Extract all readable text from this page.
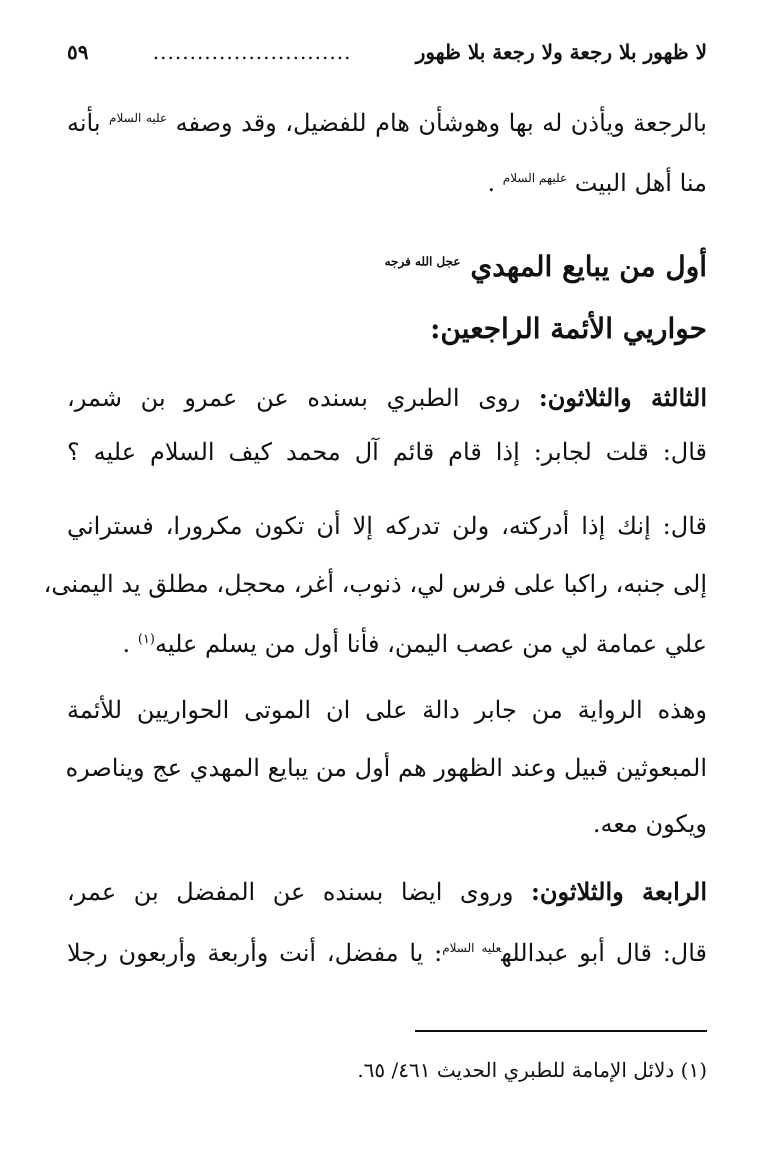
لا ظهور بلا رجعة ولا رجعة بلا ظهور
...........................
٥٩
بالرجعة ويأذن له بها وهوشأن هام للفضيل، وقد وصفه $^{عليه السلام}$ بأنه
منا أهل البيت $^{عليهم السلام}$ .
أول من يبايع المهدي $^{عجل الله فرجه}$
حواريي الأئمة الراجعين:
الثالثة والثلاثون: روى الطبري بسنده عن عمرو بن شمر،
قال: قلت لجابر: إذا قام قائم آل محمد كيف السلام عليه ؟
قال: إنك إذا أدركته، ولن تدركه إلا أن تكون مكرورا، فستراني
إلى جنبه، راكبا على فرس لي، ذنوب، أغر، محجل، مطلق يد اليمنى،
علي عمامة لي من عصب اليمن، فأنا أول من يسلم عليه$^{(١)}$ .
وهذه الرواية من جابر دالة على ان الموتى الحواريين للأئمة
المبعوثين قبيل وعند الظهور هم أول من يبايع المهدي عج ويناصره
ويكون معه.
الرابعة والثلاثون: وروى ايضا بسنده عن المفضل بن عمر،
قال: قال أبو عبدالله$^{عليه السلام}$: يا مفضل، أنت وأربعة وأربعون رجلا
(١) دلائل الإمامة للطبري الحديث ٤٦١/ ٦٥.
